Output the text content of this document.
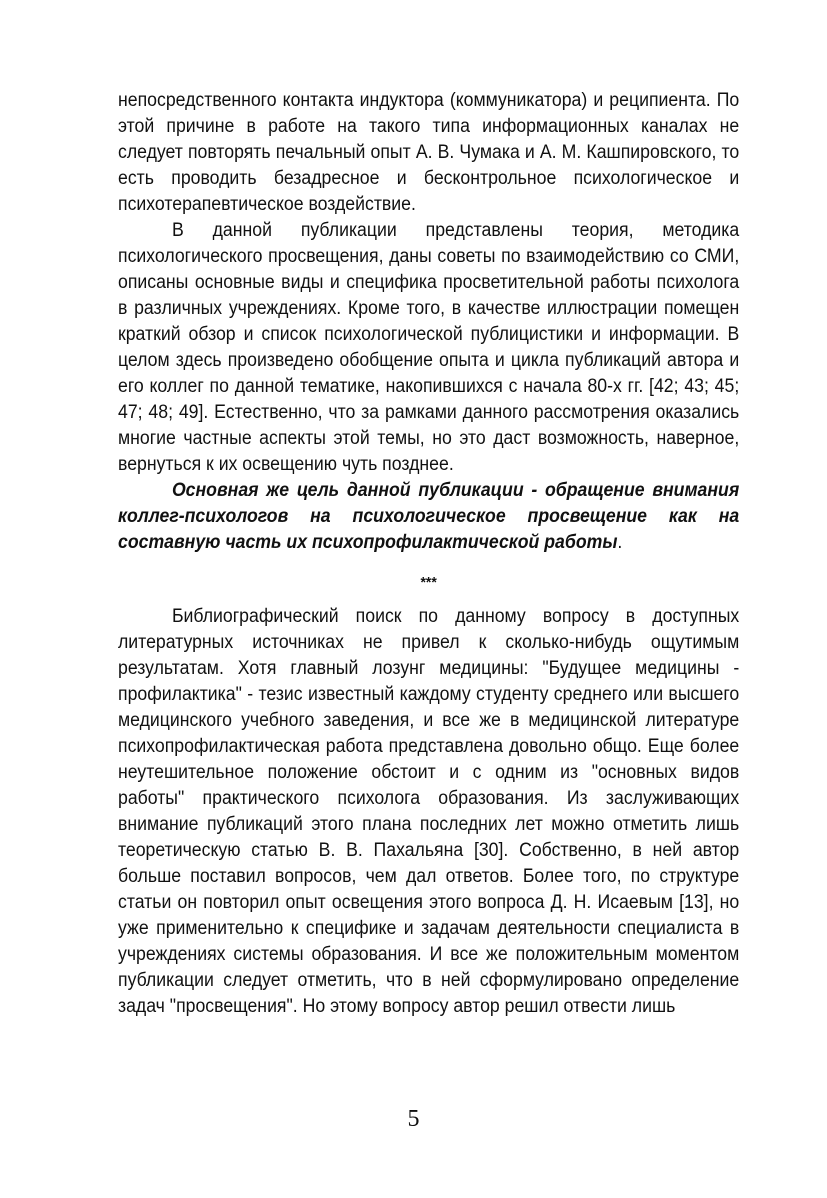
непосредственного контакта индуктора (коммуникатора) и реципиента. По этой причине в работе на такого типа информационных каналах не следует повторять печальный опыт А. В. Чумака и А. М. Кашпировского, то есть проводить безадресное и бесконтрольное психологическое и психотерапевтическое воздействие.

В данной публикации представлены теория, методика психологического просвещения, даны советы по взаимодействию со СМИ, описаны основные виды и специфика просветительной работы психолога в различных учреждениях. Кроме того, в качестве иллюстрации помещен краткий обзор и список психологической публицистики и информации. В целом здесь произведено обобщение опыта и цикла публикаций автора и его коллег по данной тематике, накопившихся с начала 80-х гг. [42; 43; 45; 47; 48; 49]. Естественно, что за рамками данного рассмотрения оказались многие частные аспекты этой темы, но это даст возможность, наверное, вернуться к их освещению чуть позднее.

Основная же цель данной публикации - обращение внимания коллег-психологов на психологическое просвещение как на составную часть их психопрофилактической работы.

***

Библиографический поиск по данному вопросу в доступных литературных источниках не привел к сколько-нибудь ощутимым результатам. Хотя главный лозунг медицины: "Будущее медицины - профилактика" - тезис известный каждому студенту среднего или высшего медицинского учебного заведения, и все же в медицинской литературе психопрофилактическая работа представлена довольно общо. Еще более неутешительное положение обстоит и с одним из "основных видов работы" практического психолога образования. Из заслуживающих внимание публикаций этого плана последних лет можно отметить лишь теоретическую статью В. В. Пахальяна [30]. Собственно, в ней автор больше поставил вопросов, чем дал ответов. Более того, по структуре статьи он повторил опыт освещения этого вопроса Д. Н. Исаевым [13], но уже применительно к специфике и задачам деятельности специалиста в учреждениях системы образования. И все же положительным моментом публикации следует отметить, что в ней сформулировано определение задач "просвещения". Но этому вопросу автор решил отвести лишь

5
